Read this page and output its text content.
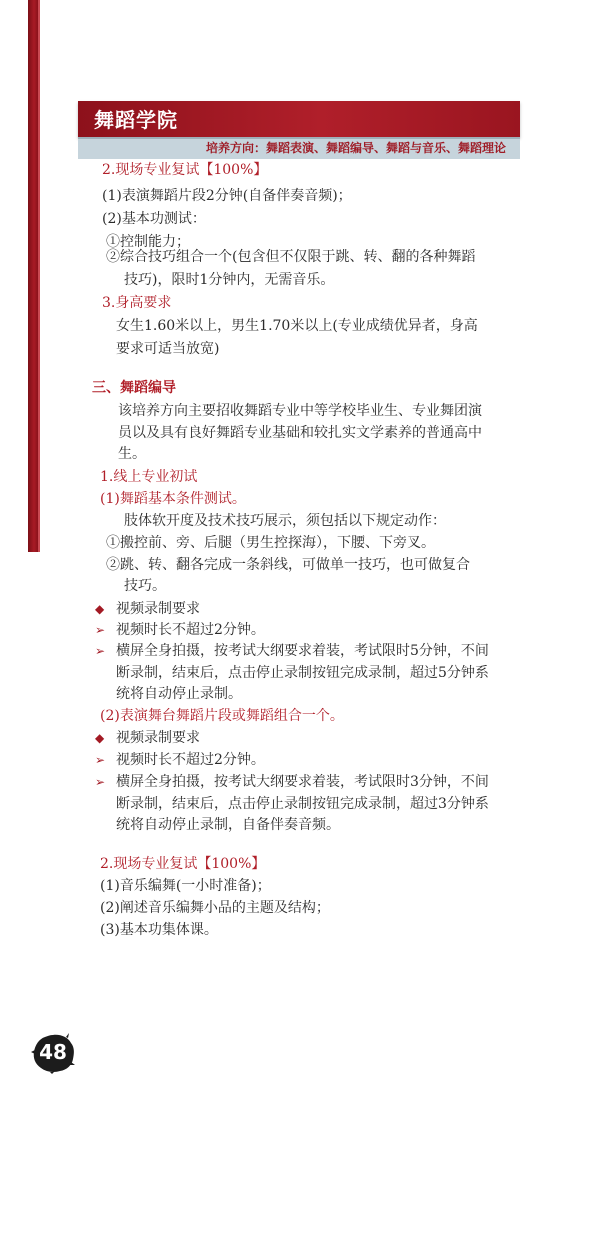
舞蹈学院
培养方向：舞蹈表演、舞蹈编导、舞蹈与音乐、舞蹈理论

2.现场专业复试【100%】

(1)表演舞蹈片段2分钟(自备伴奏音频)；

(2)基本功测试：

①控制能力；

②综合技巧组合一个(包含但不仅限于跳、转、翻的各种舞蹈

技巧)，限时1分钟内，无需音乐。

3.身高要求

女生1.60米以上，男生1.70米以上(专业成绩优异者，身高

要求可适当放宽)

三、舞蹈编导

该培养方向主要招收舞蹈专业中等学校毕业生、专业舞团演

员以及具有良好舞蹈专业基础和较扎实文学素养的普通高中

生。

1.线上专业初试

(1)舞蹈基本条件测试。

肢体软开度及技术技巧展示，须包括以下规定动作：

①搬控前、旁、后腿（男生控探海），下腰、下旁叉。

②跳、转、翻各完成一条斜线，可做单一技巧，也可做复合

技巧。

◆ 视频录制要求

➢ 视频时长不超过2分钟。

➢ 横屏全身拍摄，按考试大纲要求着装，考试限时5分钟，不间

断录制，结束后，点击停止录制按钮完成录制，超过5分钟系

统将自动停止录制。

(2)表演舞台舞蹈片段或舞蹈组合一个。

◆ 视频录制要求

➢ 视频时长不超过2分钟。

➢ 横屏全身拍摄，按考试大纲要求着装，考试限时3分钟，不间

断录制，结束后，点击停止录制按钮完成录制，超过3分钟系

统将自动停止录制，自备伴奏音频。

2.现场专业复试【100%】

(1)音乐编舞(一小时准备)；

(2)阐述音乐编舞小品的主题及结构；

(3)基本功集体课。

48
